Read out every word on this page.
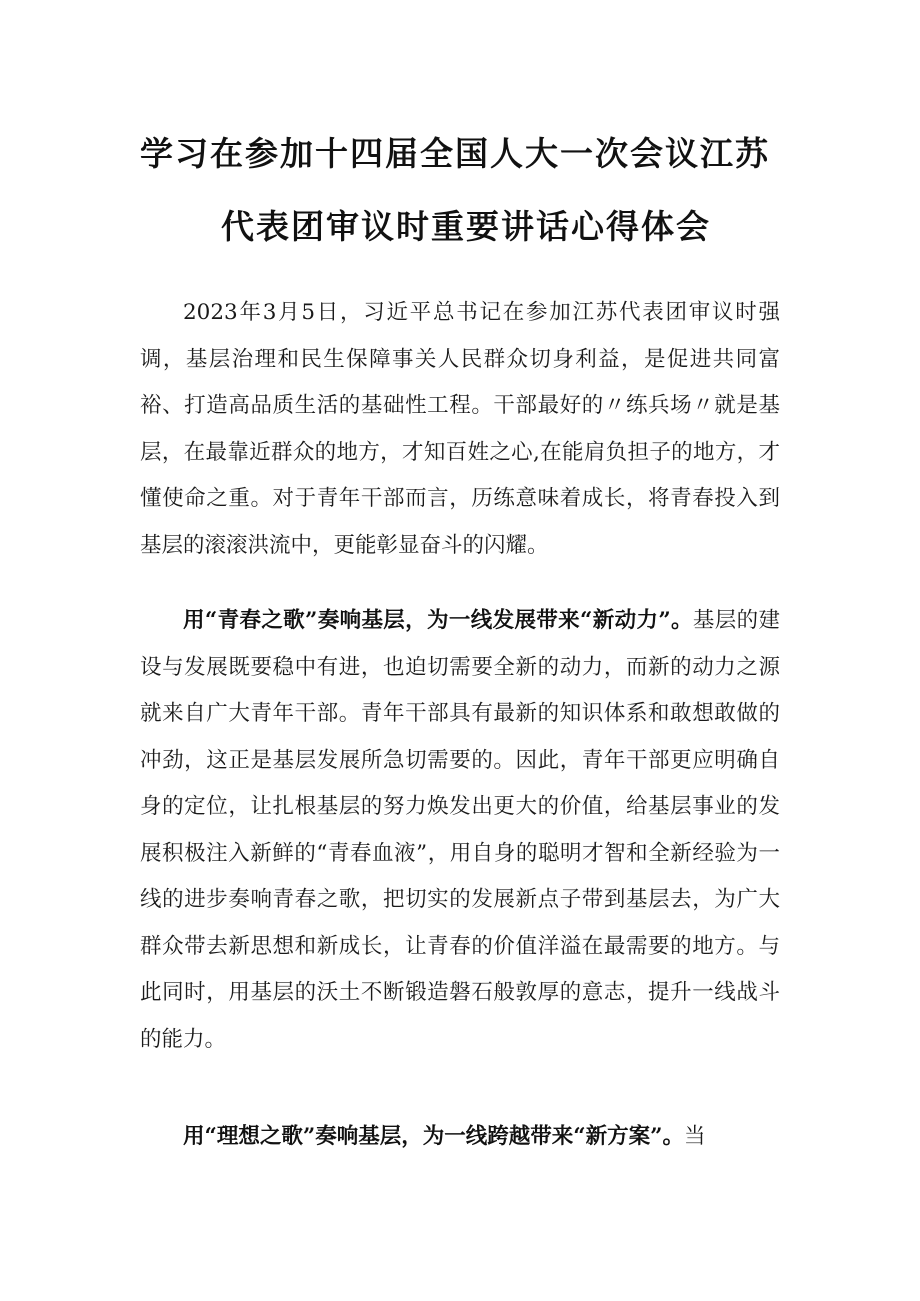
学习在参加十四届全国人大一次会议江苏
代表团审议时重要讲话心得体会

2023年3月5日，习近平总书记在参加江苏代表团审议时强调，基层治理和民生保障事关人民群众切身利益，是促进共同富裕、打造高品质生活的基础性工程。干部最好的〃练兵场〃就是基层，在最靠近群众的地方，才知百姓之心,在能肩负担子的地方，才懂使命之重。对于青年干部而言，历练意味着成长，将青春投入到基层的滚滚洪流中，更能彰显奋斗的闪耀。

用“青春之歌”奏响基层，为一线发展带来“新动力”。基层的建设与发展既要稳中有进，也迫切需要全新的动力，而新的动力之源就来自广大青年干部。青年干部具有最新的知识体系和敢想敢做的冲劲，这正是基层发展所急切需要的。因此，青年干部更应明确自身的定位，让扎根基层的努力焕发出更大的价值，给基层事业的发展积极注入新鲜的“青春血液”，用自身的聪明才智和全新经验为一线的进步奏响青春之歌，把切实的发展新点子带到基层去，为广大群众带去新思想和新成长，让青春的价值洋溢在最需要的地方。与此同时，用基层的沃土不断锻造磐石般敦厚的意志，提升一线战斗的能力。

用“理想之歌”奏响基层，为一线跨越带来“新方案”。当
